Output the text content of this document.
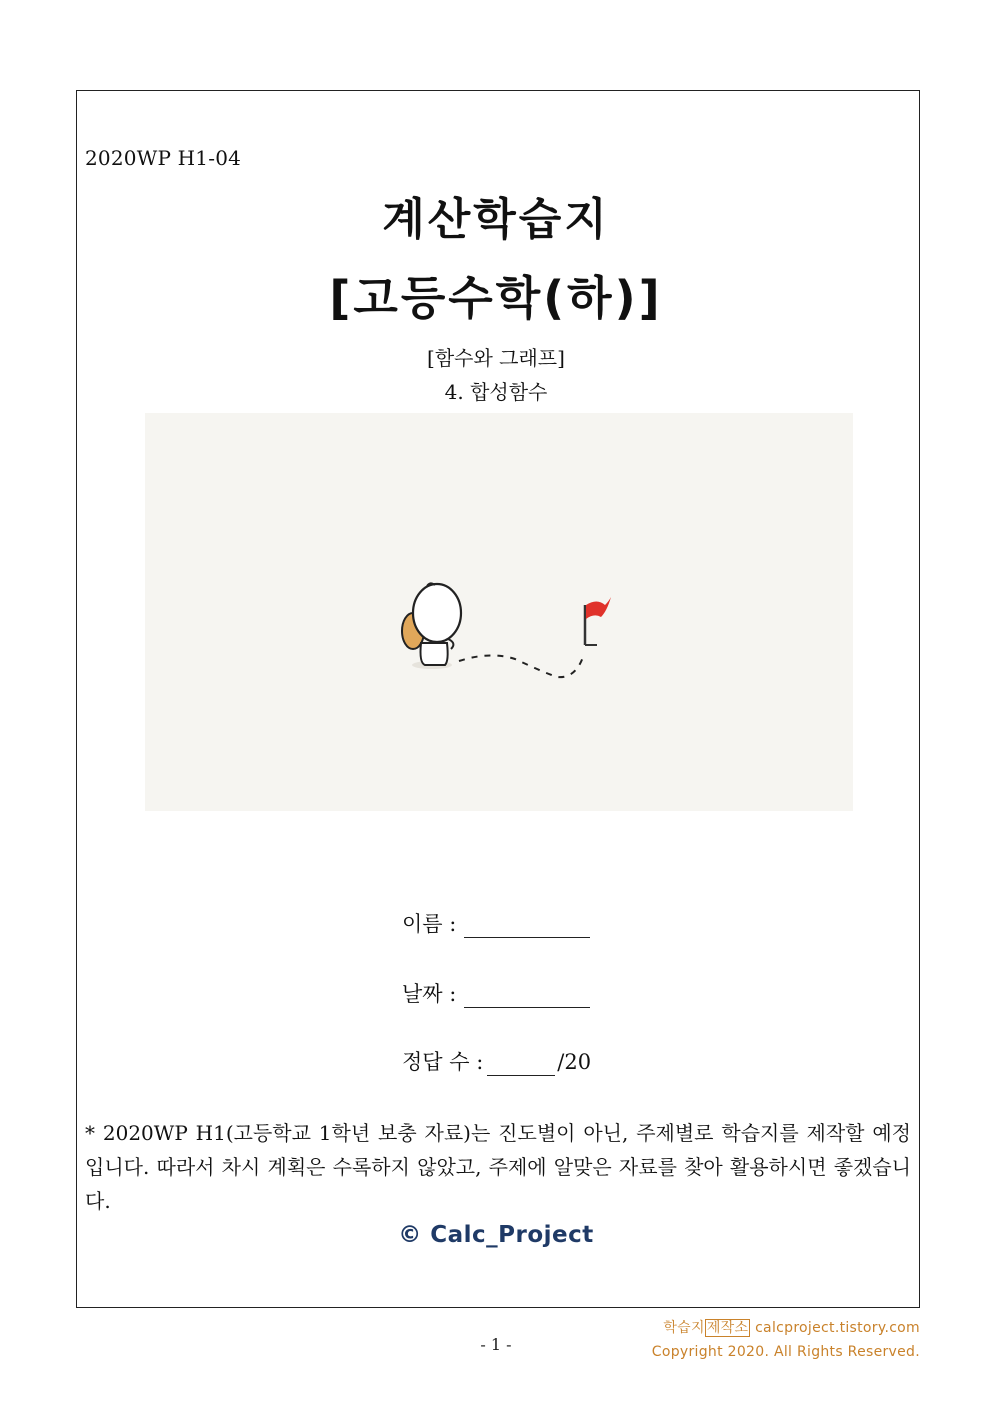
2020WP H1-04
계산학습지
[고등수학(하)]
[함수와 그래프]
4. 합성함수
이름 :
날짜 :
정답 수 :	/20
* 2020WP H1(고등학교 1학년 보충 자료)는 진도별이 아닌, 주제별로 학습지를 제작할 예정입니다. 따라서 차시 계획은 수록하지 않았고, 주제에 알맞은 자료를 찾아 활용하시면 좋겠습니다.
© Calc_Project
- 1 -
학습지 제작소 calcproject.tistory.com
Copyright 2020. All Rights Reserved.
